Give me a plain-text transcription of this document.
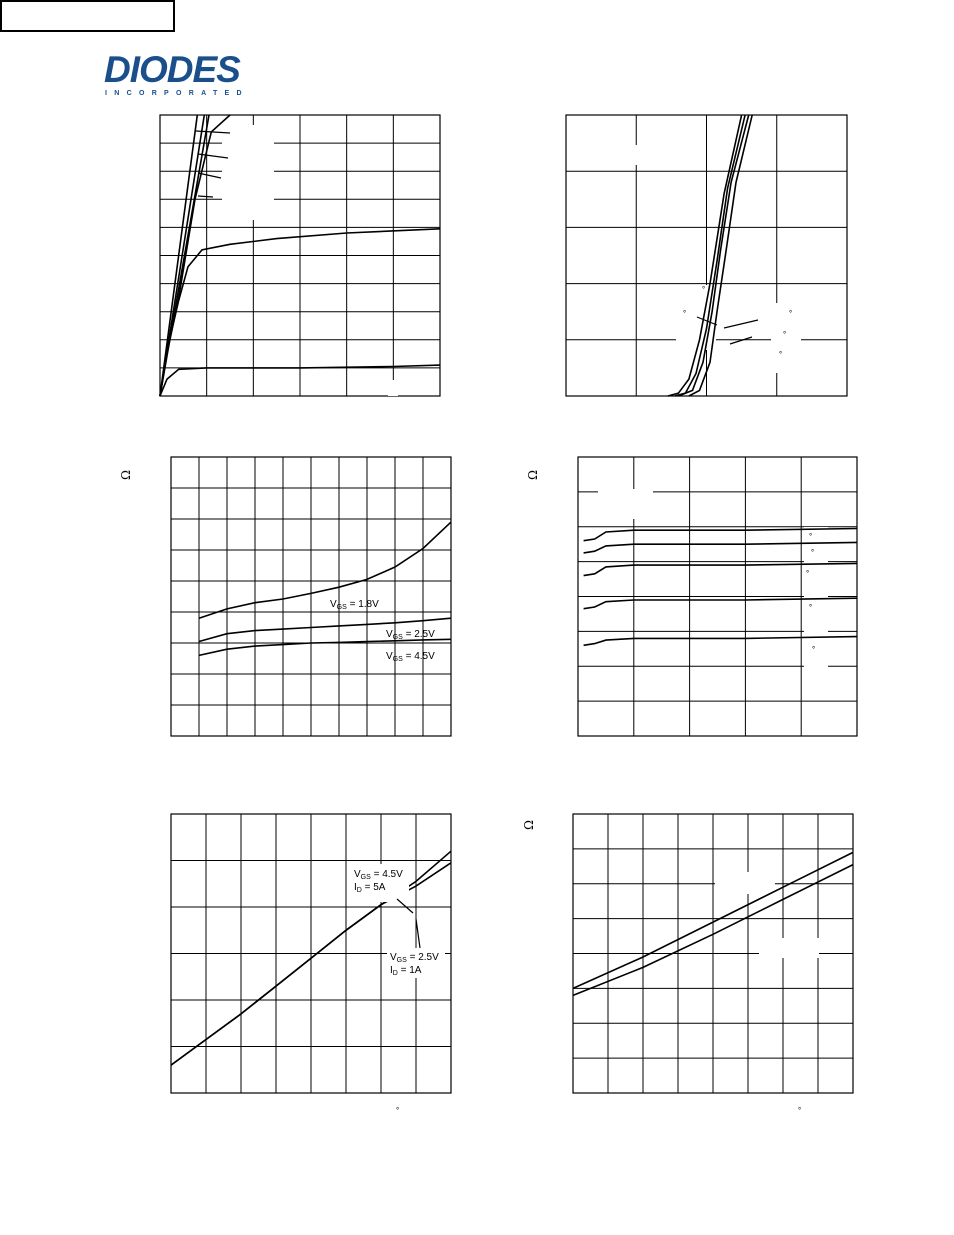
DIODES
INCORPORATED
°
°	°
°
°
$V_{GS} = 1.8V$
$V_{GS} = 2.5V$
$V_{GS} = 4.5V$
Ω
°
°
°
°
°
Ω
$V_{GS} = 4.5V$
$I_D = 5A$
$V_{GS} = 2.5V$
$I_D = 1A$
°
Ω
°
